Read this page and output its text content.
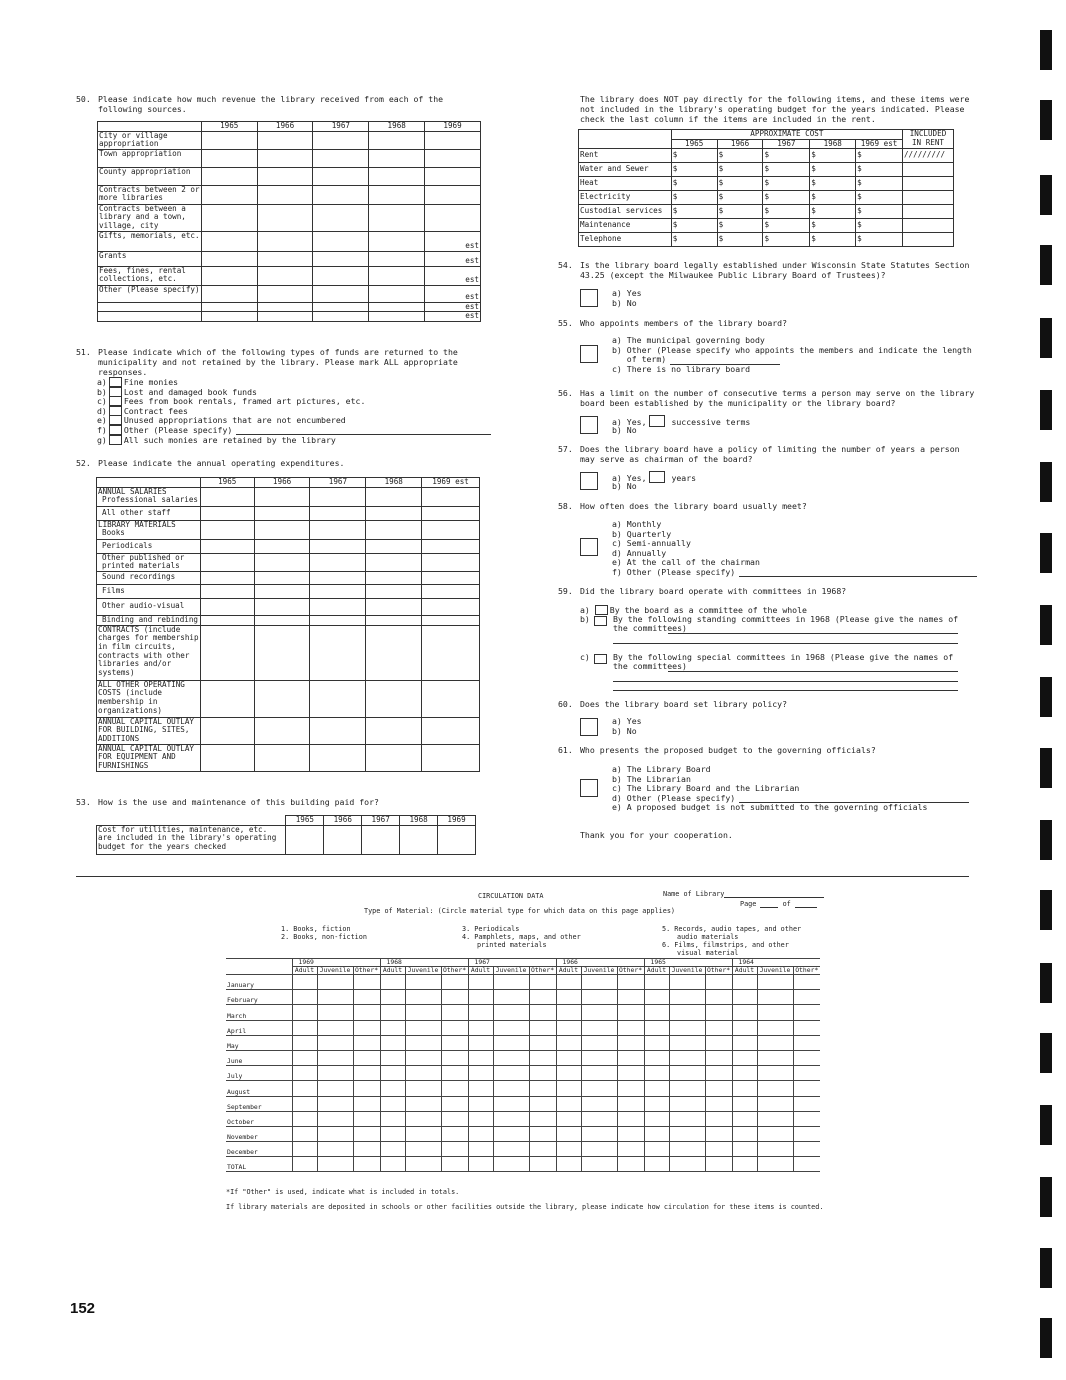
50. Please indicate how much revenue the library received from each of the following sources.
	1965	1966	1967	1968	1969
City or village appropriation					
Town appropriation					
County appropriation					
Contracts between 2 or more libraries					
Contracts between a library and a town, village, city					
Gifts, memorials, etc.					est
Grants					est
Fees, fines, rental collections, etc.					est
Other (Please specify)					est
					est
					est
51. Please indicate which of the following types of funds are returned to the municipality and not retained by the library. Please mark ALL appropriate responses.
a) Fine monies
b) Lost and damaged book funds
c) Fees from book rentals, framed art pictures, etc.
d) Contract fees
e) Unused appropriations that are not encumbered
f) Other (Please specify)
g) All such monies are retained by the library
52. Please indicate the annual operating expenditures.
	1965	1966	1967	1968	1969 est

ANNUAL SALARIES
Professional salaries					

All other staff					

LIBRARY MATERIALS
Books					

Periodicals					

Other published or printed materials					

Sound recordings					

Films					

Other audio-visual					

Binding and rebinding					

CONTRACTS (include charges for membership in film circuits, contracts with other libraries and/or systems)					

ALL OTHER OPERATING COSTS (include membership in organizations)					

ANNUAL CAPITAL OUTLAY FOR BUILDING, SITES, ADDITIONS					

ANNUAL CAPITAL OUTLAY FOR EQUIPMENT AND FURNISHINGS					

53. How is the use and maintenance of this building paid for?
	1965	1966	1967	1968	1969
Cost for utilities, maintenance, etc. are included in the library's operating budget for the years checked					
The library does NOT pay directly for the following items, and these items were not included in the library's operating budget for the years indicated. Please check the last column if the items are included in the rent.
	APPROXIMATE COST					INCLUDED IN RENT
	1965	1966	1967	1968	1969 est	
Rent	$	$	$	$	$	/////////
Water and Sewer	$	$	$	$	$	
Heat	$	$	$	$	$	
Electricity	$	$	$	$	$	
Custodial services	$	$	$	$	$	
Maintenance	$	$	$	$	$	
Telephone	$	$	$	$	$	
54. Is the library board legally established under Wisconsin State Statutes Section 43.25 (except the Milwaukee Public Library Board of Trustees)?
a) Yes
b) No
55. Who appoints members of the library board?
a) The municipal governing body
b) Other (Please specify who appoints the members and indicate the length
of term)
c) There is no library board
56. Has a limit on the number of consecutive terms a person may serve on the library board been established by the municipality or the library board?
a) Yes,	successive terms
b) No
57. Does the library board have a policy of limiting the number of years a person may serve as chairman of the board?
a) Yes,	years
b) No
58. How often does the library board usually meet?
a) Monthly
b) Quarterly
c) Semi-annually
d) Annually
e) At the call of the chairman
f) Other (Please specify)
59. Did the library board operate with committees in 1968?
a) By the board as a committee of the whole
b)	By the following standing committees in 1968 (Please give the names of the committees)
c)	By the following special committees in 1968 (Please give the names of the committees)
60. Does the library board set library policy?
a) Yes
b) No
61. Who presents the proposed budget to the governing officials?
a) The Library Board
b) The Librarian
c) The Library Board and the Librarian
d) Other (Please specify)
e) A proposed budget is not submitted to the governing officials
Thank you for your cooperation.
CIRCULATION DATA	Name of Library
Page	of
Type of Material: (Circle material type for which data on this page applies)
1. Books, fiction
2. Books, non-fiction
3. Periodicals
4. Pamphlets, maps, and other printed materials
5. Records, audio tapes, and other audio materials
6. Films, filmstrips, and other visual material
	1969			1968			1967			1966			1965			1964		
	Adult	Juvenile	Other*	Adult	Juvenile	Other*	Adult	Juvenile	Other*	Adult	Juvenile	Other*	Adult	Juvenile	Other*	Adult	Juvenile	Other*
January																		
February																		
March																		
April																		
May																		
June																		
July																		
August																		
September																		
October																		
November																		
December																		
TOTAL																		
*If "Other" is used, indicate what is included in totals.
If library materials are deposited in schools or other facilities outside the library, please indicate how circulation for these items is counted.
152
